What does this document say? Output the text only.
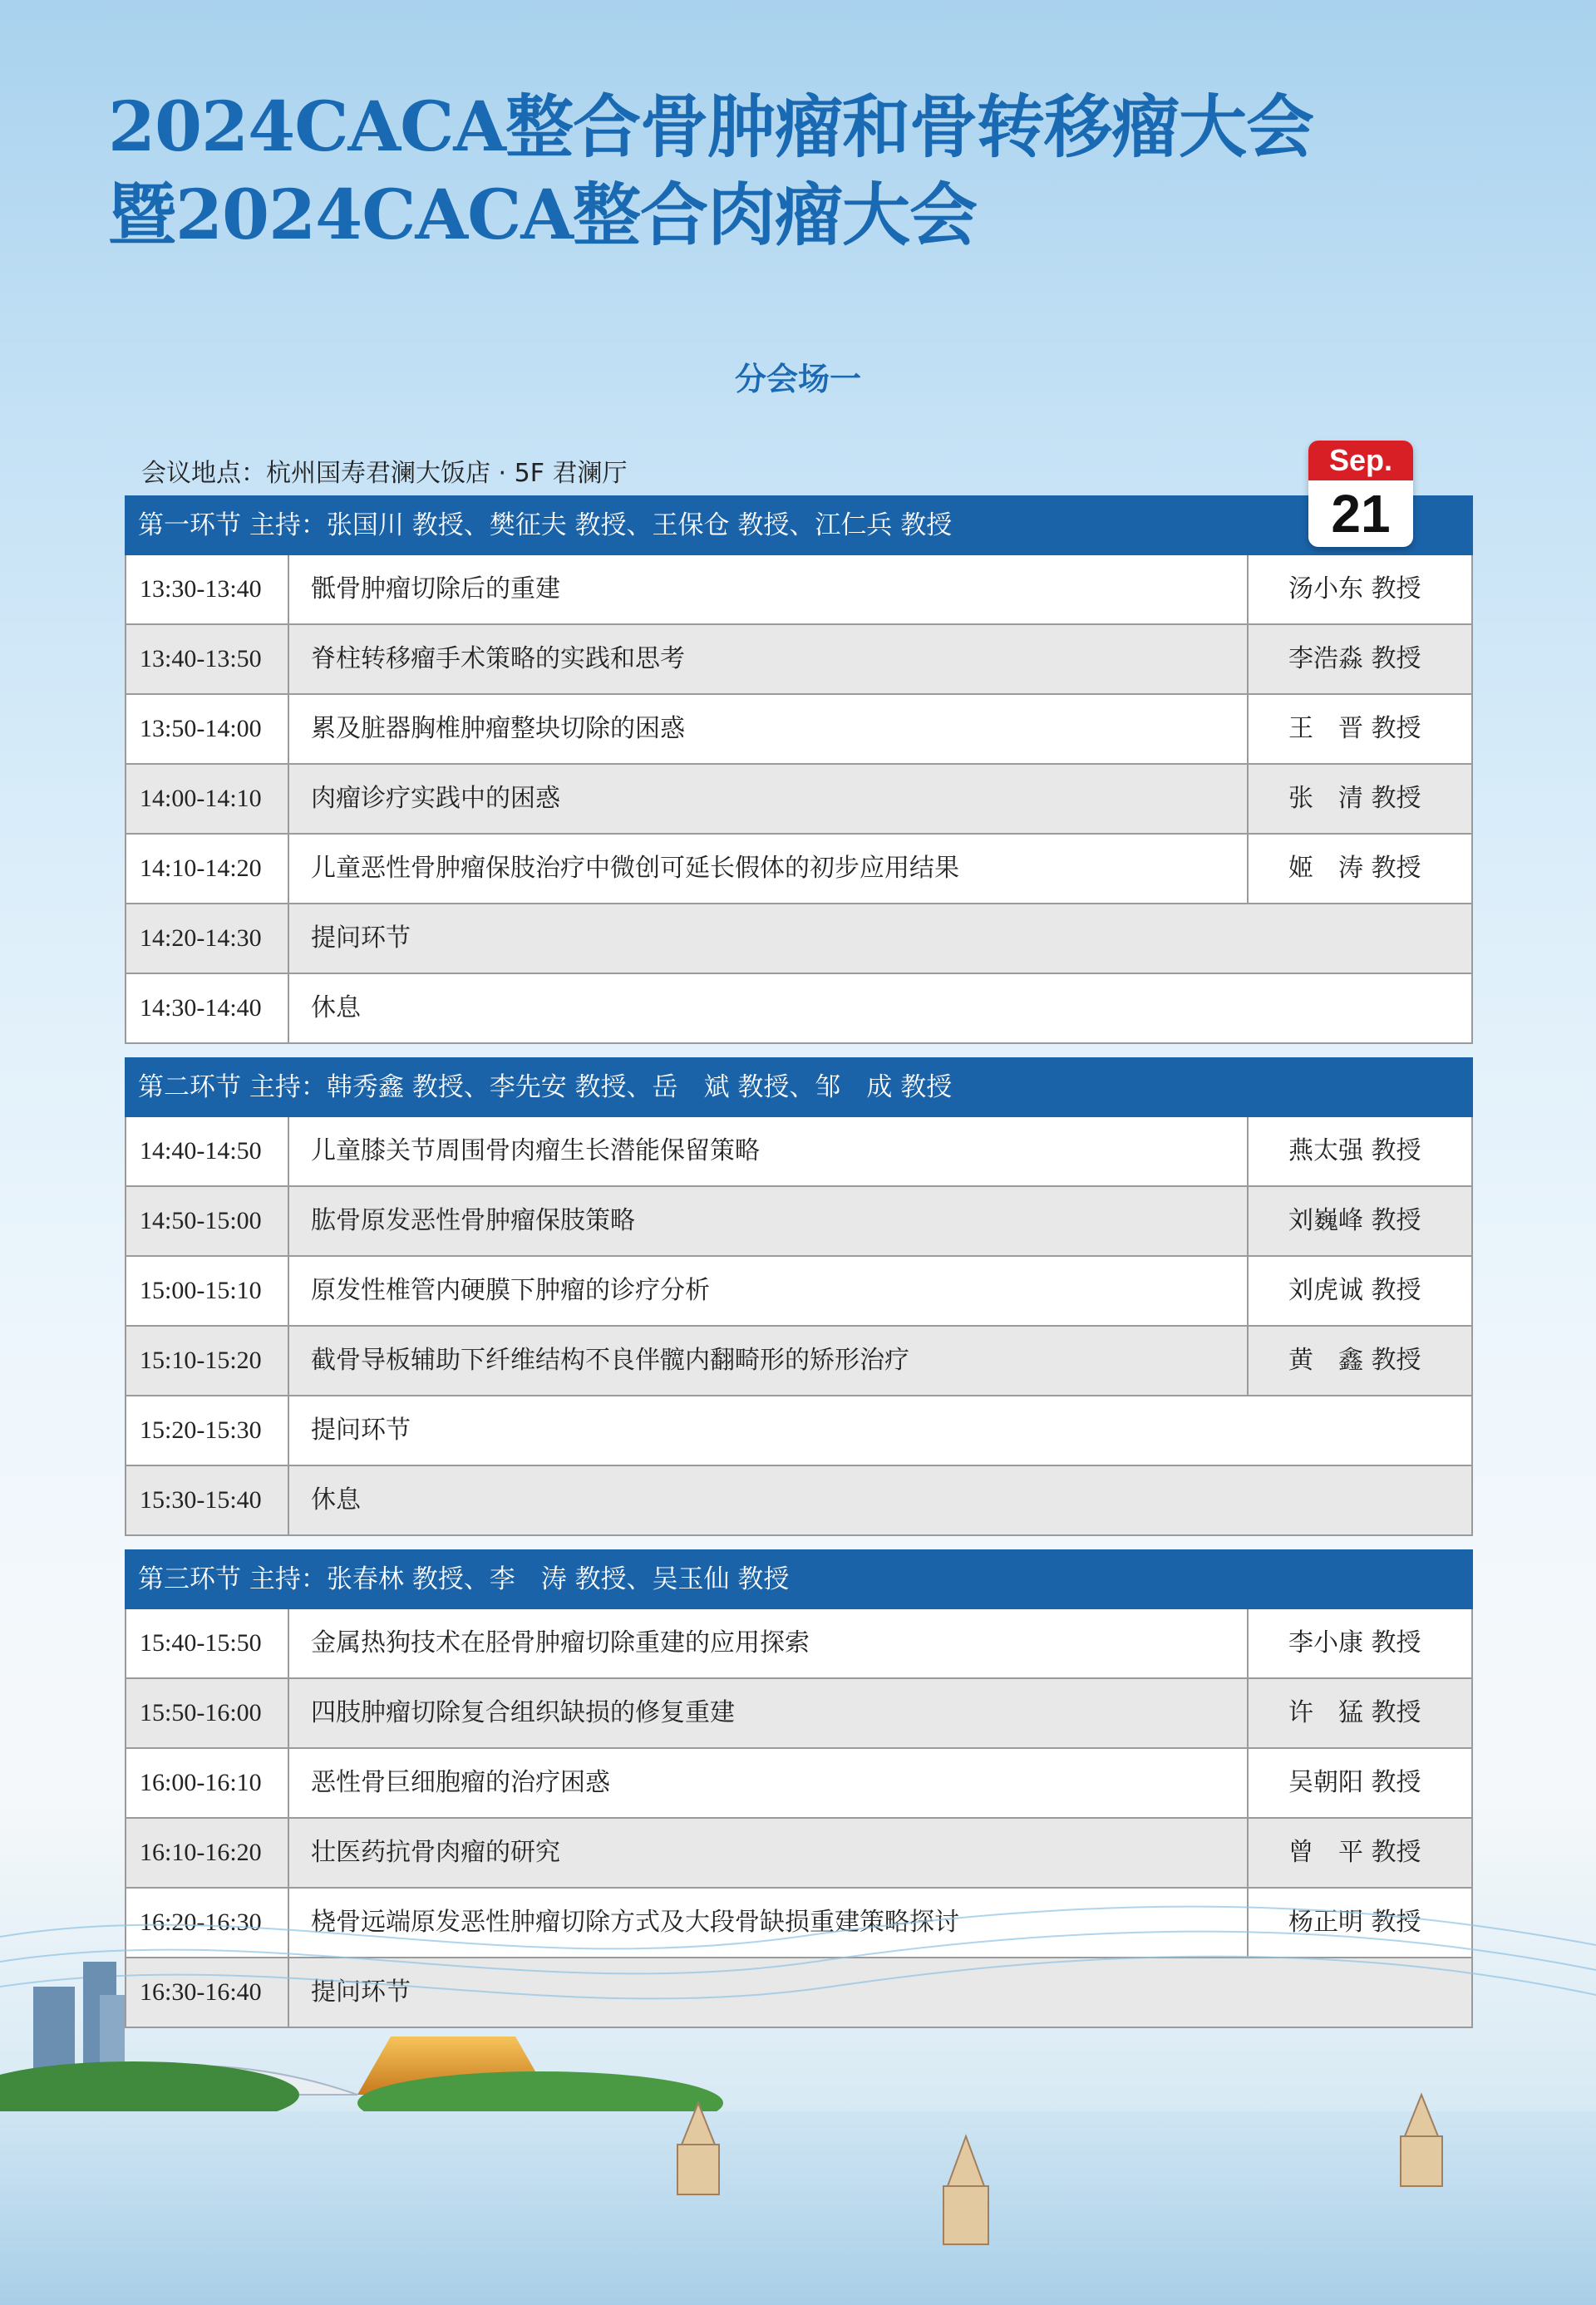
2024CACA整合骨肿瘤和骨转移瘤大会
暨2024CACA整合肉瘤大会
分会场一
会议地点：杭州国寿君澜大饭店 · 5F 君澜厅	Sep.
21
第一环节 主持：张国川 教授、樊征夫 教授、王保仓 教授、江仁兵 教授
13:30-13:40	骶骨肿瘤切除后的重建	汤小东 教授
13:40-13:50	脊柱转移瘤手术策略的实践和思考	李浩淼 教授
13:50-14:00	累及脏器胸椎肿瘤整块切除的困惑	王　晋 教授
14:00-14:10	肉瘤诊疗实践中的困惑	张　清 教授
14:10-14:20	儿童恶性骨肿瘤保肢治疗中微创可延长假体的初步应用结果	姬　涛 教授
14:20-14:30	提问环节
14:30-14:40	休息
第二环节 主持：韩秀鑫 教授、李先安 教授、岳　斌 教授、邹　成 教授
14:40-14:50	儿童膝关节周围骨肉瘤生长潜能保留策略	燕太强 教授
14:50-15:00	肱骨原发恶性骨肿瘤保肢策略	刘巍峰 教授
15:00-15:10	原发性椎管内硬膜下肿瘤的诊疗分析	刘虎诚 教授
15:10-15:20	截骨导板辅助下纤维结构不良伴髋内翻畸形的矫形治疗	黄　鑫 教授
15:20-15:30	提问环节
15:30-15:40	休息
第三环节 主持：张春林 教授、李　涛 教授、吴玉仙 教授
15:40-15:50	金属热狗技术在胫骨肿瘤切除重建的应用探索	李小康 教授
15:50-16:00	四肢肿瘤切除复合组织缺损的修复重建	许　猛 教授
16:00-16:10	恶性骨巨细胞瘤的治疗困惑	吴朝阳 教授
16:10-16:20	壮医药抗骨肉瘤的研究	曾　平 教授
16:20-16:30	桡骨远端原发恶性肿瘤切除方式及大段骨缺损重建策略探讨	杨正明 教授
16:30-16:40	提问环节
